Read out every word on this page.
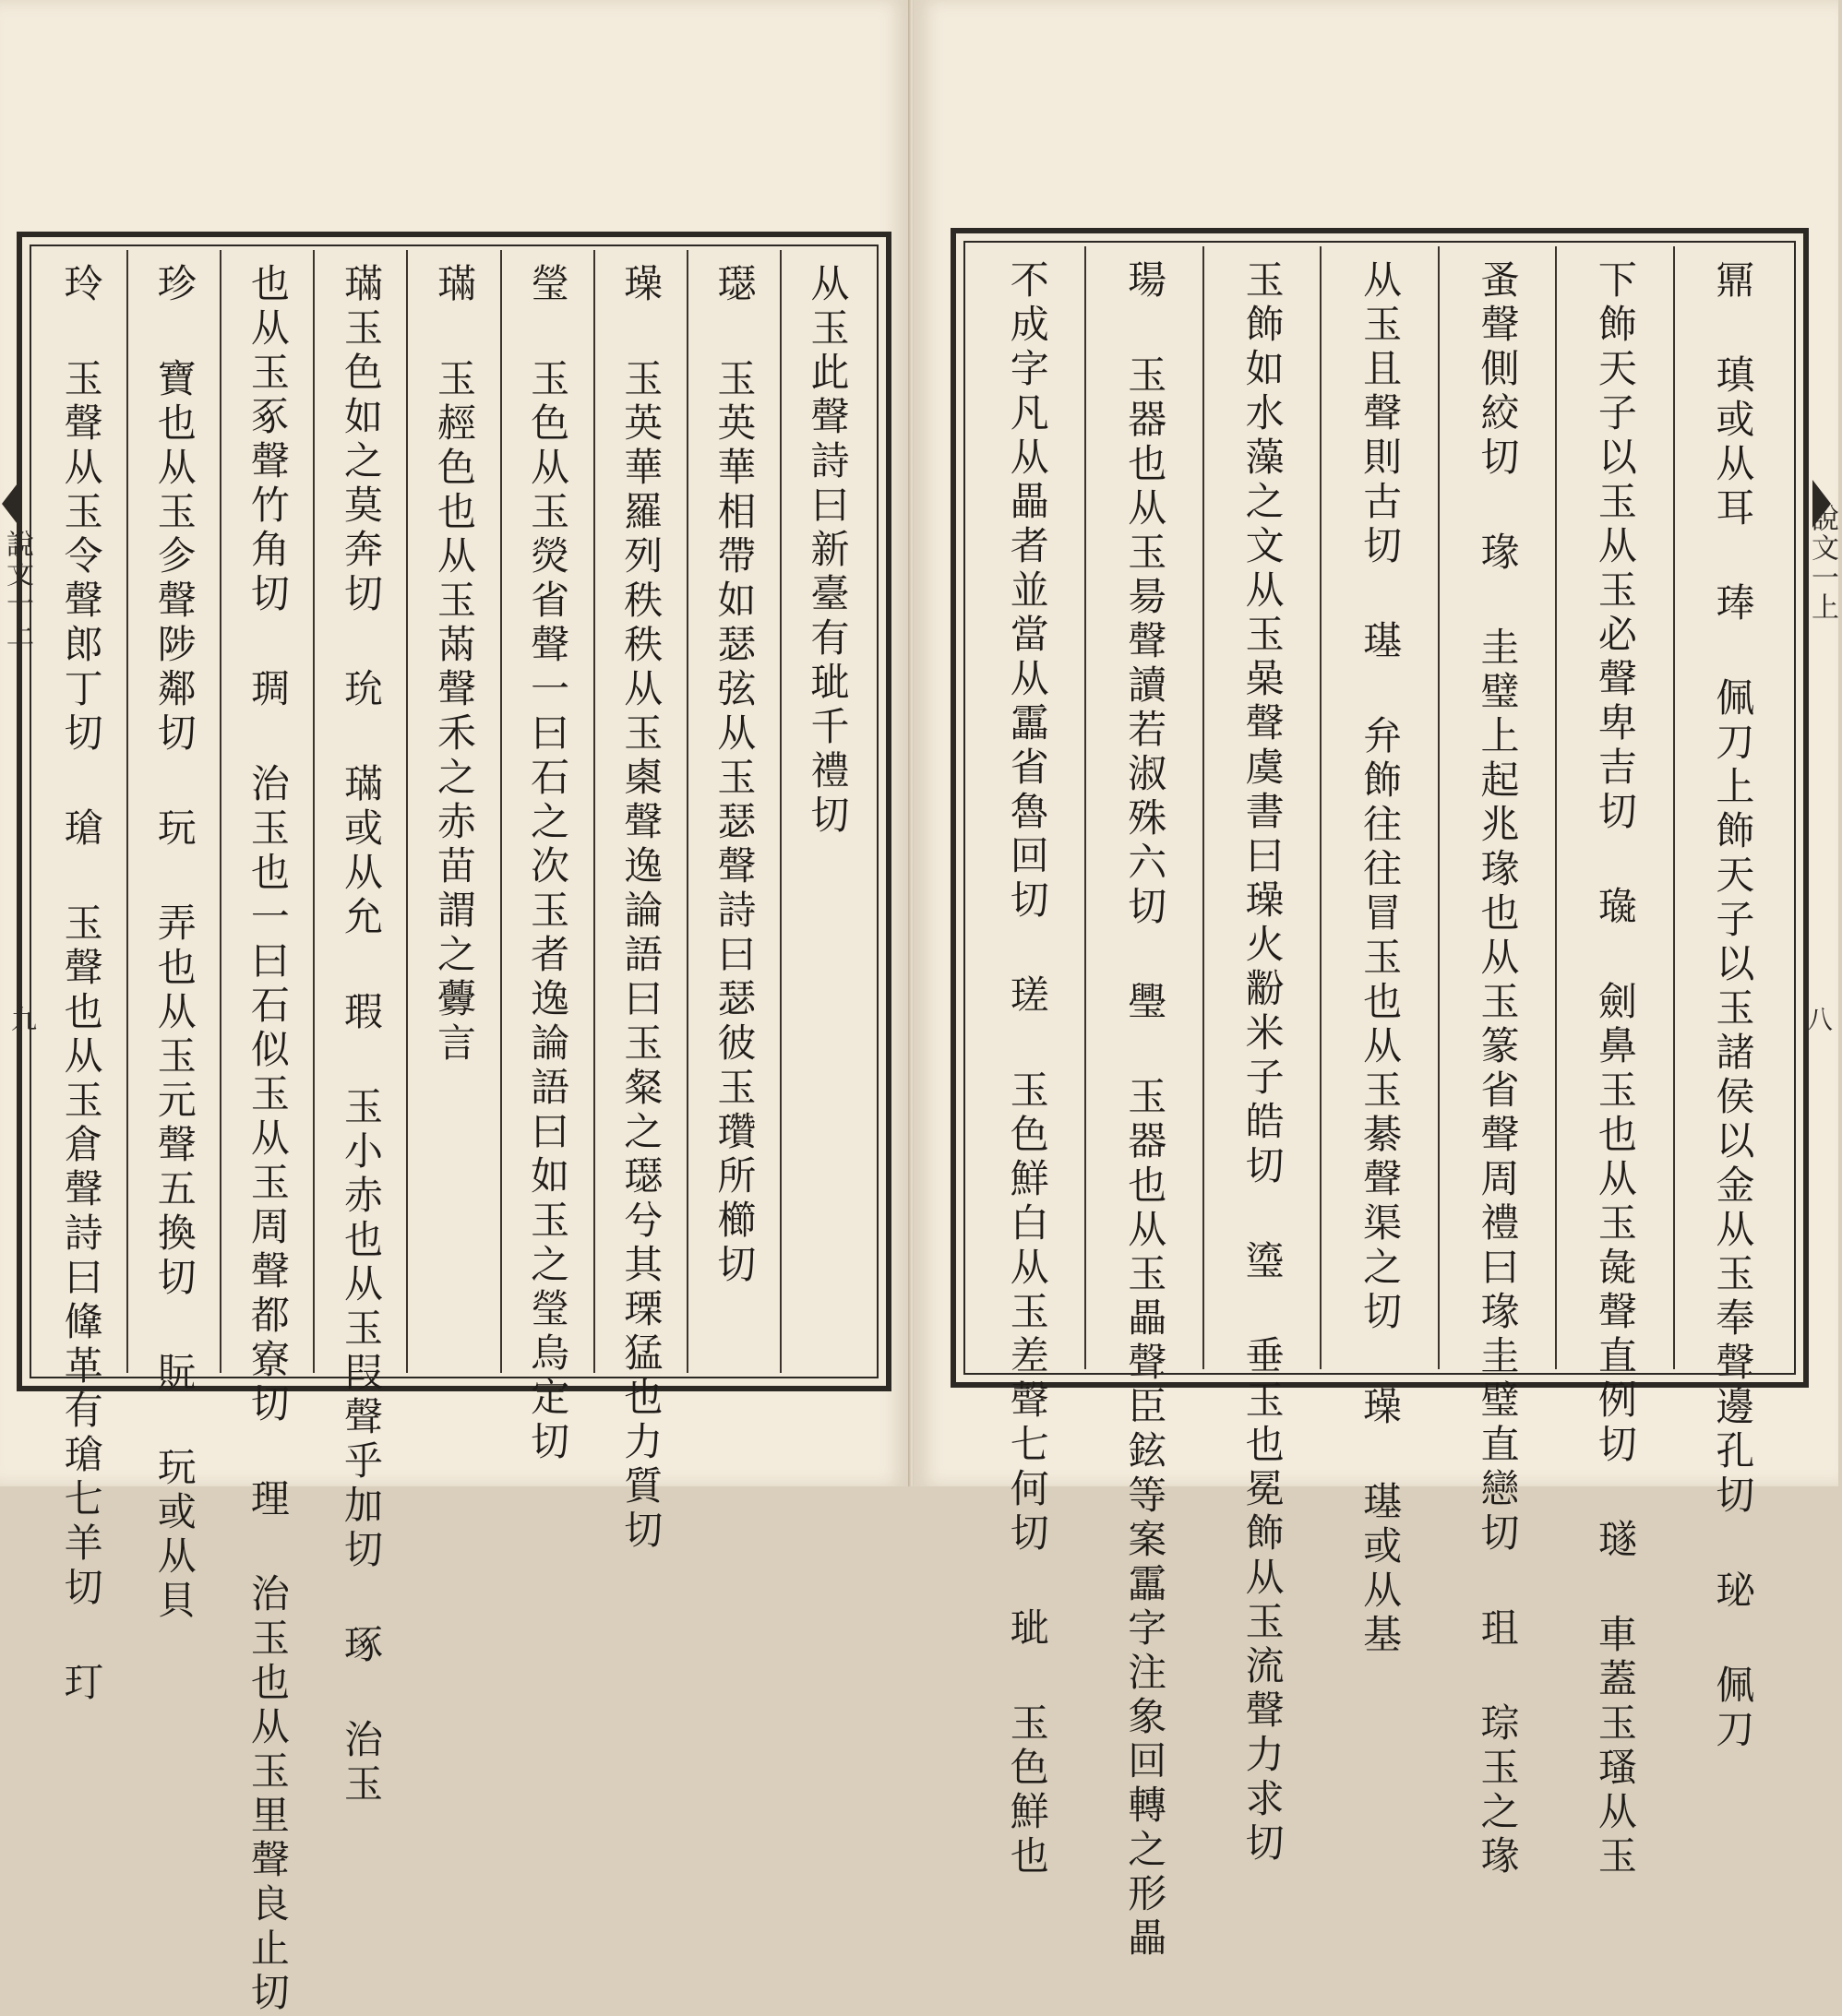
从玉此聲詩曰新臺有玼千禮切
璱 玉英華相帶如瑟弦从玉瑟聲詩曰瑟彼玉瓚所櫛切
璪 玉英華羅列秩秩从玉㮚聲逸論語曰玉粲之璱兮其瑮猛也力質切
瑩 玉色从玉熒省聲一曰石之次玉者逸論語曰如玉之瑩烏定切
璊 玉䞓色也从玉㒼聲禾之赤苗謂之虋言
璊玉色如之莫奔切 玧 璊或从允 瑕 玉小赤也从玉叚聲乎加切 琢 治玉
也从玉豖聲竹角切 琱 治玉也一曰石似玉从玉周聲都寮切 理 治玉也从玉里聲良止切
珍 寶也从玉㐱聲陟鄰切 玩 弄也从玉元聲五換切 貦 玩或从貝
玲 玉聲从玉令聲郎丁切 瑲 玉聲也从玉倉聲詩曰鞗革有瑲七羊切 玎
說文一上
九	鼏 瑱或从耳 琫 佩刀上飾天子以玉諸侯以金从玉奉聲邊孔切 珌 佩刀
下飾天子以玉从玉必聲卑吉切 璏 劍鼻玉也从玉彘聲直例切 璲 車蓋玉瑵从玉
蚤聲側絞切 瑑 圭璧上起兆瑑也从玉篆省聲周禮曰瑑圭璧直戀切 珇 琮玉之瑑
从玉且聲則古切 璂 弁飾往往冒玉也从玉綦聲渠之切 璪 璂或从基
玉飾如水藻之文从玉喿聲虞書曰璪火黺米子皓切 瑬 垂玉也冕飾从玉流聲力求切
瑒 玉器也从玉昜聲讀若淑殊六切 璺 玉器也从玉畾聲臣鉉等案靁字注象回轉之形畾
不成字凡从畾者並當从靁省魯回切 瑳 玉色鮮白从玉差聲七何切 玼 玉色鮮也	說文一上
八
